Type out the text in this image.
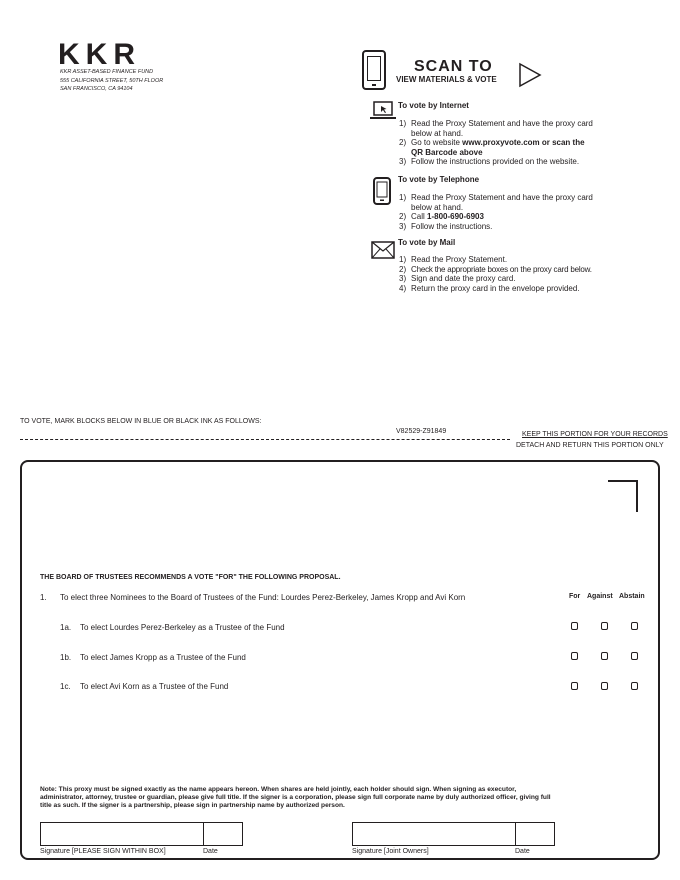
KKR
KKR ASSET-BASED FINANCE FUND
555 CALIFORNIA STREET, 50TH FLOOR
SAN FRANCISCO, CA 94104
SCAN TO
VIEW MATERIALS & VOTE
To vote by Internet
1) Read the Proxy Statement and have the proxy card
below at hand.
2) Go to website www.proxyvote.com or scan the
QR Barcode above
3) Follow the instructions provided on the website.
To vote by Telephone
1) Read the Proxy Statement and have the proxy card
below at hand.
2) Call 1-800-690-6903
3) Follow the instructions.
To vote by Mail
1) Read the Proxy Statement.
2) Check the appropriate boxes on the proxy card below.
3) Sign and date the proxy card.
4) Return the proxy card in the envelope provided.
TO VOTE, MARK BLOCKS BELOW IN BLUE OR BLACK INK AS FOLLOWS:
V82529-Z91849	KEEP THIS PORTION FOR YOUR RECORDS
DETACH AND RETURN THIS PORTION ONLY
THE BOARD OF TRUSTEES RECOMMENDS A VOTE "FOR" THE FOLLOWING PROPOSAL.
1. To elect three Nominees to the Board of Trustees of the Fund: Lourdes Perez-Berkeley, James Kropp and Avi Korn	For Against Abstain
1a. To elect Lourdes Perez-Berkeley as a Trustee of the Fund
1b. To elect James Kropp as a Trustee of the Fund
1c. To elect Avi Korn as a Trustee of the Fund
Note: This proxy must be signed exactly as the name appears hereon. When shares are held jointly, each holder should sign. When signing as executor, administrator, attorney, trustee or guardian, please give full title. If the signer is a corporation, please sign full corporate name by duly authorized officer, giving full title as such. If the signer is a partnership, please sign in partnership name by authorized person.
Signature [PLEASE SIGN WITHIN BOX]	Date	Signature [Joint Owners]	Date
